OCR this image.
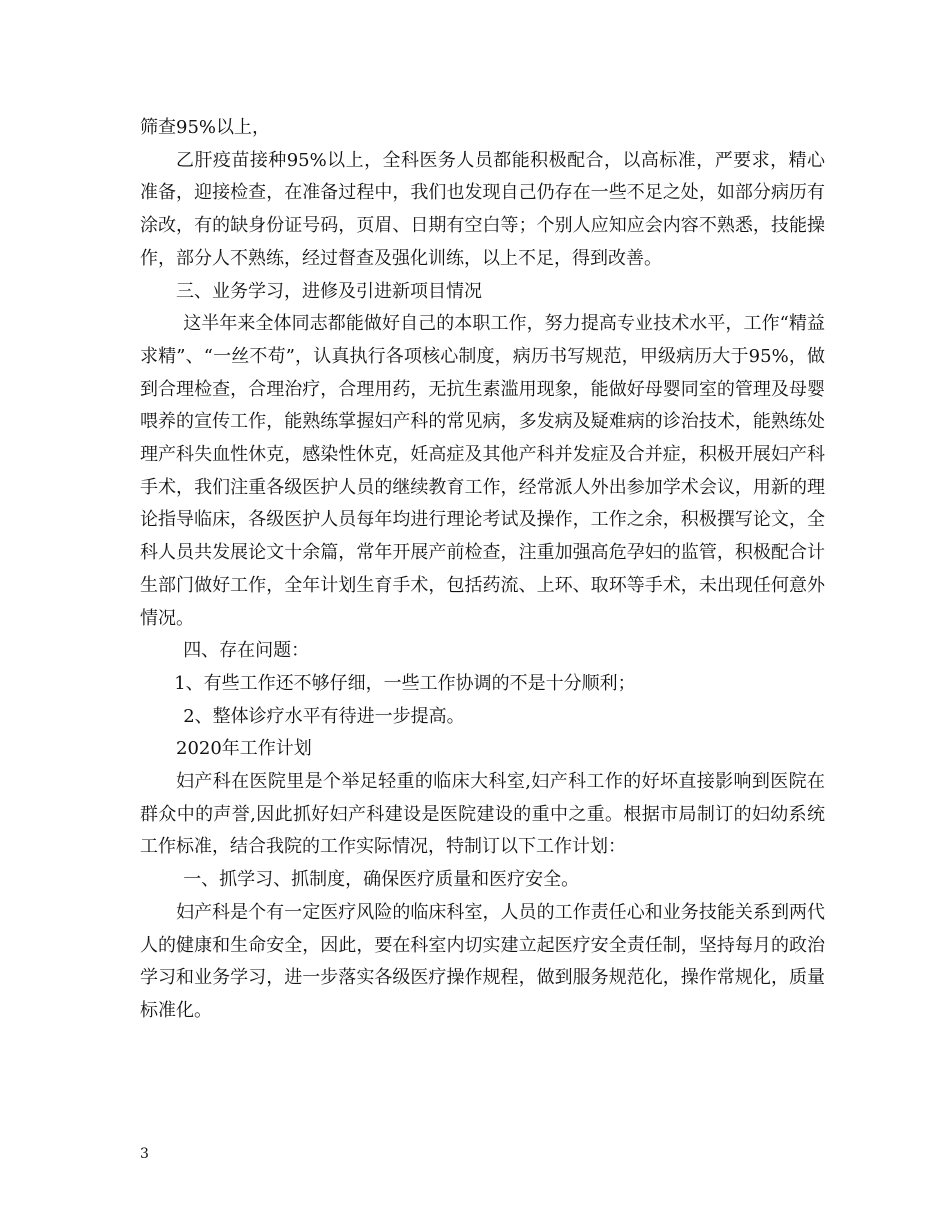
筛查95%以上，

乙肝疫苗接种95%以上，全科医务人员都能积极配合，以高标准，严要求，精心准备，迎接检查，在准备过程中，我们也发现自己仍存在一些不足之处，如部分病历有涂改，有的缺身份证号码，页眉、日期有空白等；个别人应知应会内容不熟悉，技能操作，部分人不熟练，经过督查及强化训练，以上不足，得到改善。

三、业务学习，进修及引进新项目情况

这半年来全体同志都能做好自己的本职工作，努力提高专业技术水平，工作“精益求精”、“一丝不苟”，认真执行各项核心制度，病历书写规范，甲级病历大于95%，做到合理检查，合理治疗，合理用药，无抗生素滥用现象，能做好母婴同室的管理及母婴喂养的宣传工作，能熟练掌握妇产科的常见病，多发病及疑难病的诊治技术，能熟练处理产科失血性休克，感染性休克，妊高症及其他产科并发症及合并症，积极开展妇产科手术，我们注重各级医护人员的继续教育工作，经常派人外出参加学术会议，用新的理论指导临床，各级医护人员每年均进行理论考试及操作，工作之余，积极撰写论文，全科人员共发展论文十余篇，常年开展产前检查，注重加强高危孕妇的监管，积极配合计生部门做好工作，全年计划生育手术，包括药流、上环、取环等手术，未出现任何意外情况。

四、存在问题：

1、有些工作还不够仔细，一些工作协调的不是十分顺利；

2、整体诊疗水平有待进一步提高。

2020年工作计划

妇产科在医院里是个举足轻重的临床大科室,妇产科工作的好坏直接影响到医院在群众中的声誉,因此抓好妇产科建设是医院建设的重中之重。根据市局制订的妇幼系统工作标准，结合我院的工作实际情况，特制订以下工作计划：

一、抓学习、抓制度，确保医疗质量和医疗安全。

妇产科是个有一定医疗风险的临床科室，人员的工作责任心和业务技能关系到两代人的健康和生命安全，因此，要在科室内切实建立起医疗安全责任制，坚持每月的政治学习和业务学习，进一步落实各级医疗操作规程，做到服务规范化，操作常规化，质量标准化。

3
